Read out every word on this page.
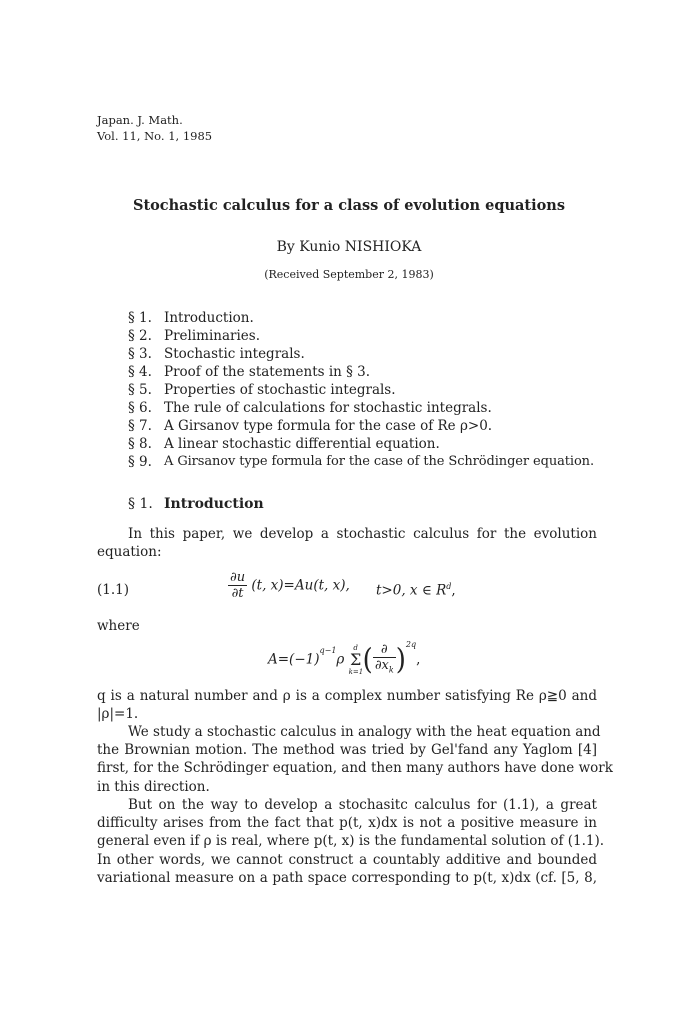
Japan. J. Math.
Vol. 11, No. 1, 1985
Stochastic calculus for a class of evolution equations
By Kunio NISHIOKA
(Received September 2, 1983)
§ 1. Introduction.
§ 2. Preliminaries.
§ 3. Stochastic integrals.
§ 4. Proof of the statements in § 3.
§ 5. Properties of stochastic integrals.
§ 6. The rule of calculations for stochastic integrals.
§ 7. A Girsanov type formula for the case of Re ρ>0.
§ 8. A linear stochastic differential equation.
§ 9. A Girsanov type formula for the case of the Schrödinger equation.
§ 1. Introduction
In this paper, we develop a stochastic calculus for the evolution
equation:
(1.1)	$\frac{\partial u}{\partial t} (t$, x)=Au(t, x), t>0, x ∈ $R^d$,
where
$A=(-1)^{q-1}\rho$
d
Σ
k=1 ( $\frac{\partial}{\partial x_k} )^{2q}$,
q is a natural number and ρ is a complex number satisfying Re ρ≧0 and
|ρ|=1.
We study a stochastic calculus in analogy with the heat equation and
the Brownian motion. The method was tried by Gel'fand any Yaglom [4]
first, for the Schrödinger equation, and then many authors have done work
in this direction.
But on the way to develop a stochasitc calculus for (1.1), a great
difficulty arises from the fact that p(t, x)dx is not a positive measure in
general even if ρ is real, where p(t, x) is the fundamental solution of (1.1).
In other words, we cannot construct a countably additive and bounded
variational measure on a path space corresponding to p(t, x)dx (cf. [5, 8,
